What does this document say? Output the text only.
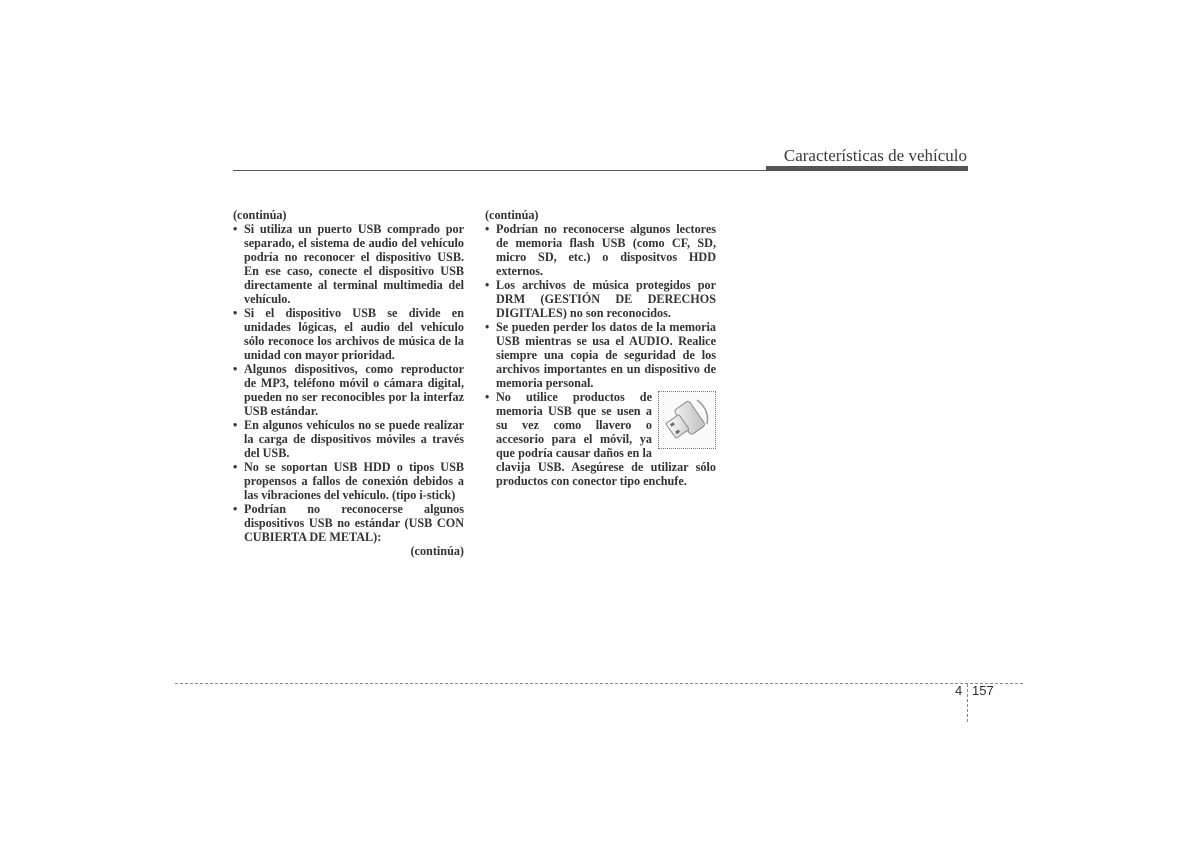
Características de vehículo
(continúa)
• Si utiliza un puerto USB comprado por separado, el sistema de audio del vehículo podría no reconocer el dispositivo USB. En ese caso, conecte el dispositivo USB directamente al terminal multimedia del vehículo.
• Si el dispositivo USB se divide en unidades lógicas, el audio del vehículo sólo reconoce los archivos de música de la unidad con mayor prioridad.
• Algunos dispositivos, como reproductor de MP3, teléfono móvil o cámara digital, pueden no ser reconocibles por la interfaz USB estándar.
• En algunos vehículos no se puede realizar la carga de dispositivos móviles a través del USB.
• No se soportan USB HDD o tipos USB propensos a fallos de conexión debidos a las vibraciones del vehículo. (tipo i-stick)
• Podrían no reconocerse algunos dispositivos USB no estándar (USB CON CUBIERTA DE METAL):
(continúa)
(continúa)
• Podrían no reconocerse algunos lectores de memoria flash USB (como CF, SD, micro SD, etc.) o dispositvos HDD externos.
• Los archivos de música protegidos por DRM (GESTIÓN DE DERECHOS DIGITALES) no son reconocidos.
• Se pueden perder los datos de la memoria USB mientras se usa el AUDIO. Realice siempre una copia de seguridad de los archivos importantes en un dispositivo de memoria personal.
• No utilice productos de memoria USB que se usen a su vez como llavero o accesorio para el móvil, ya que podría causar daños en la clavija USB. Asegúrese de utilizar sólo productos con conector tipo enchufe.
4 157
